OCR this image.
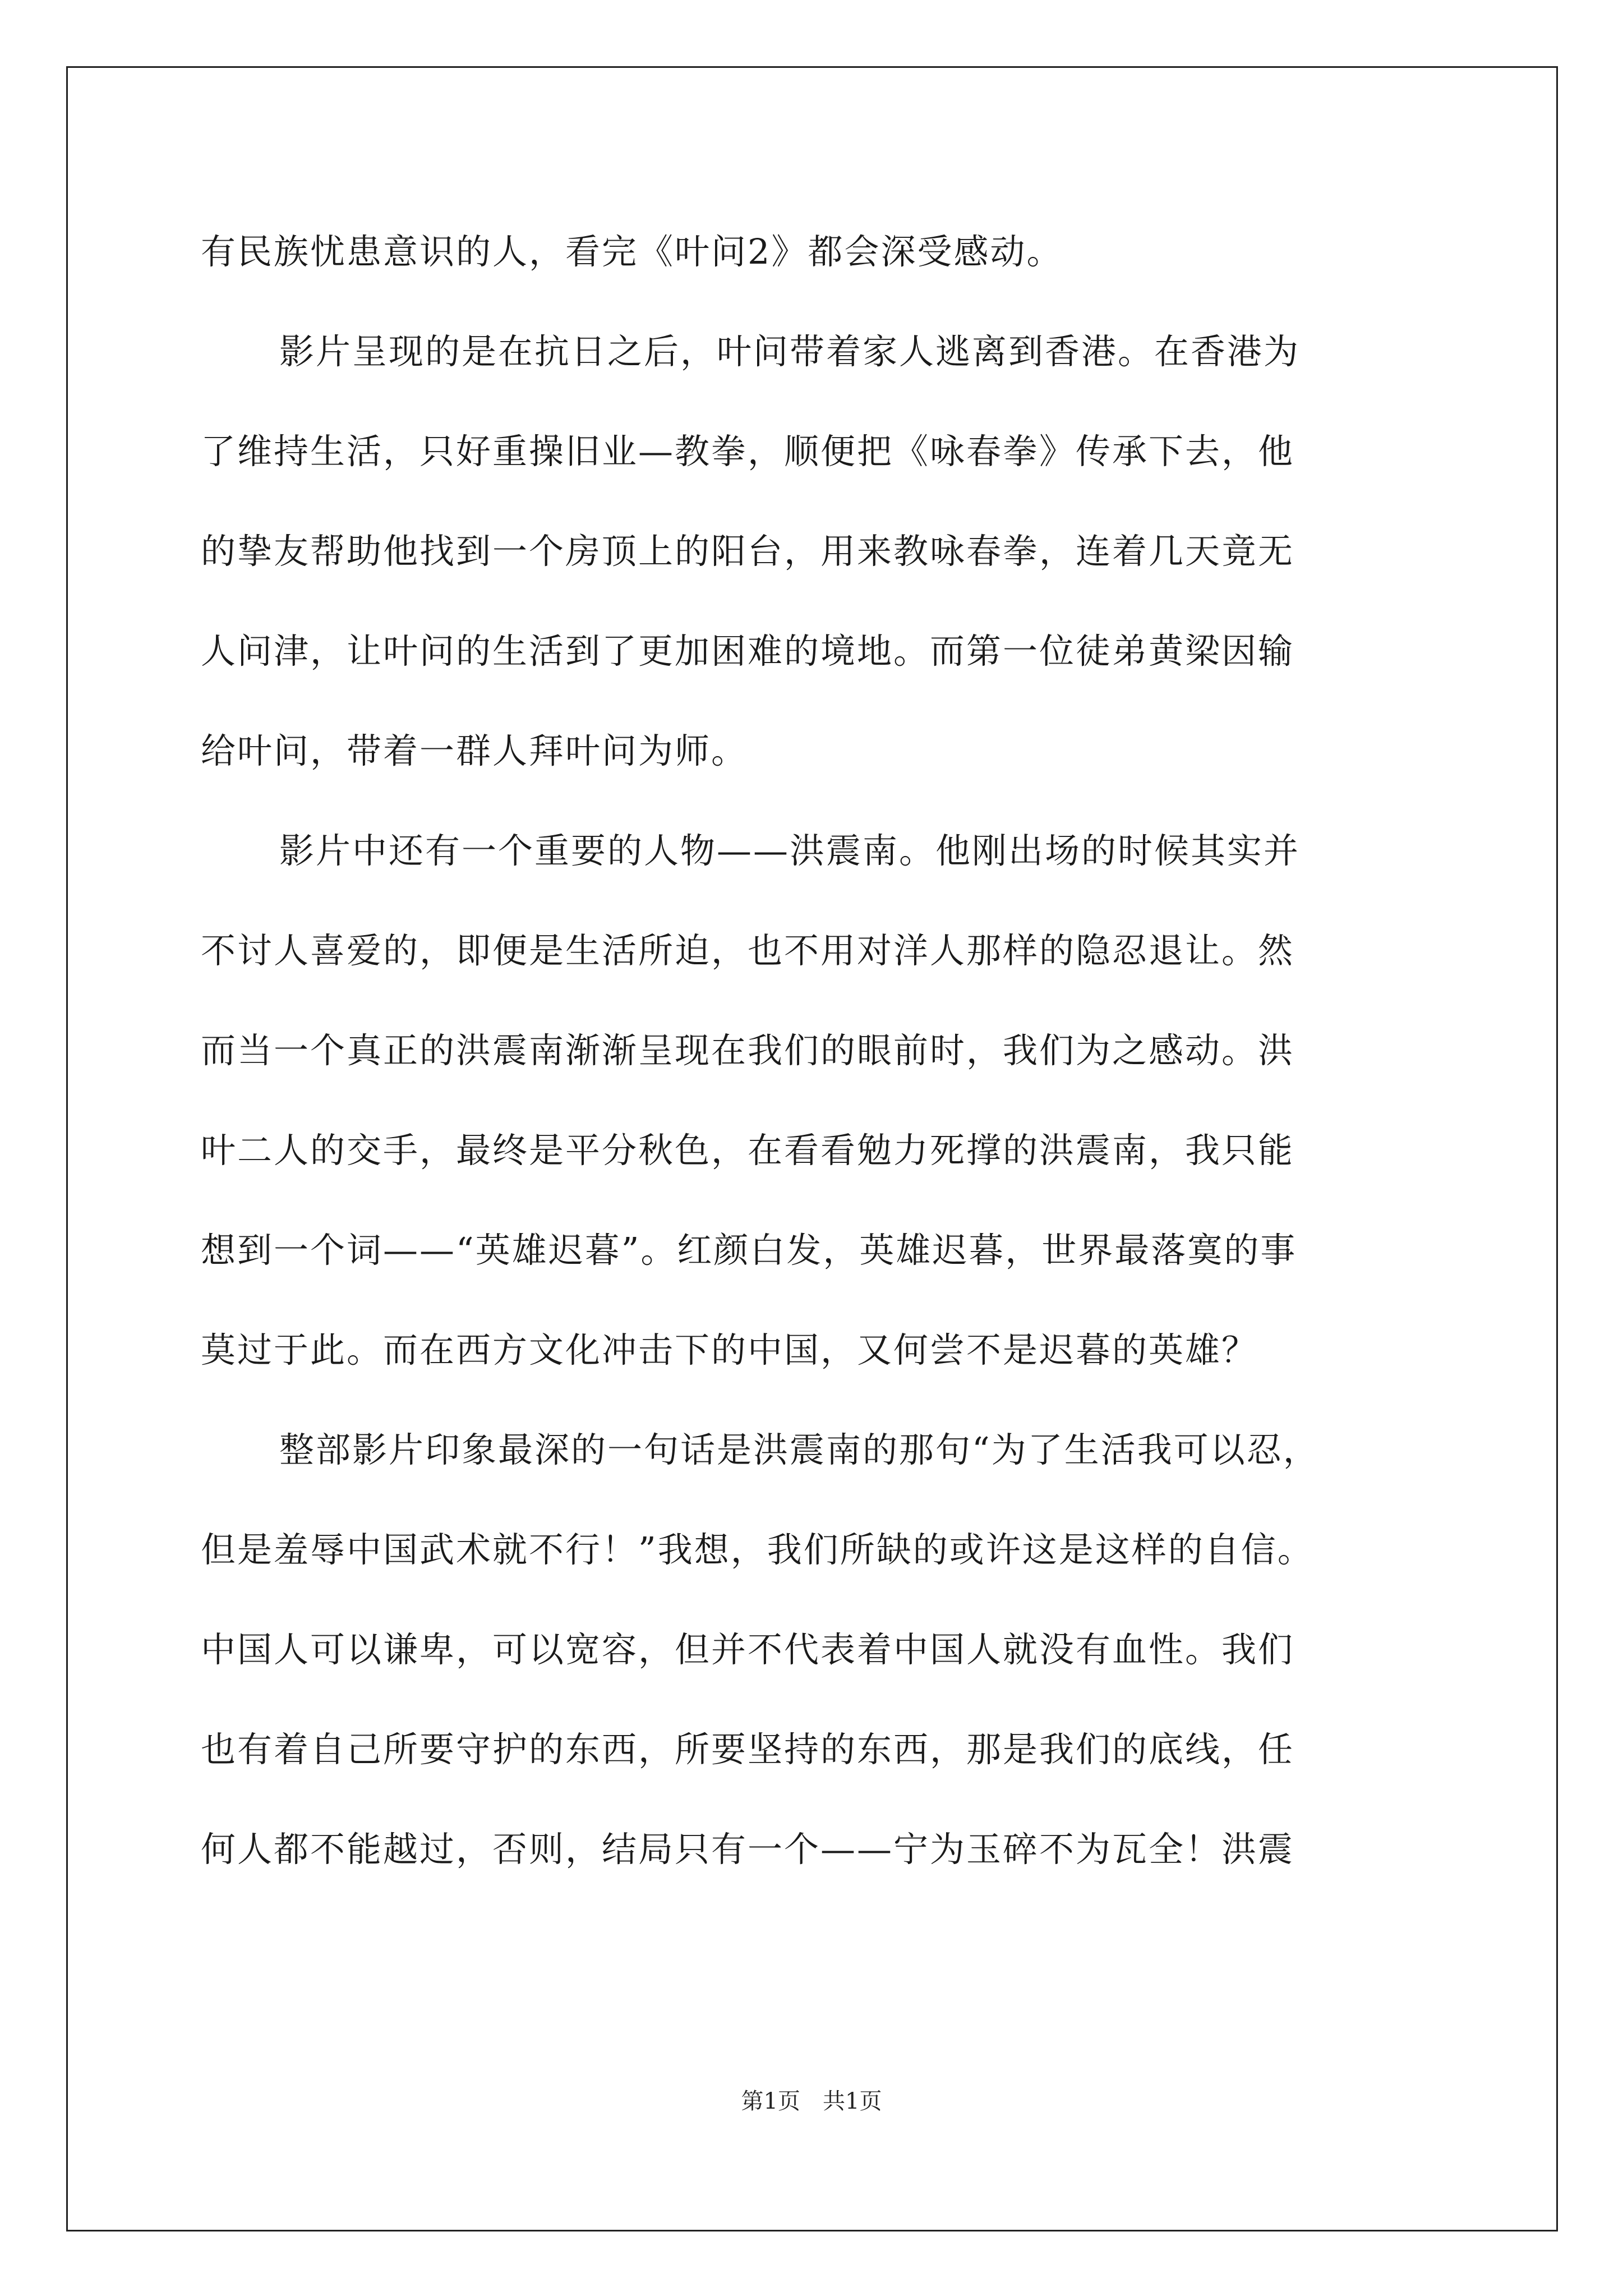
有民族忧患意识的人，看完《叶问2》都会深受感动。
影片呈现的是在抗日之后，叶问带着家人逃离到香港。在香港为
了维持生活，只好重操旧业—教拳，顺便把《咏春拳》传承下去，他
的挚友帮助他找到一个房顶上的阳台，用来教咏春拳，连着几天竟无
人问津，让叶问的生活到了更加困难的境地。而第一位徒弟黄梁因输
给叶问，带着一群人拜叶问为师。
影片中还有一个重要的人物——洪震南。他刚出场的时候其实并
不讨人喜爱的，即便是生活所迫，也不用对洋人那样的隐忍退让。然
而当一个真正的洪震南渐渐呈现在我们的眼前时，我们为之感动。洪
叶二人的交手，最终是平分秋色，在看看勉力死撑的洪震南，我只能
想到一个词——“英雄迟暮”。红颜白发，英雄迟暮，世界最落寞的事
莫过于此。而在西方文化冲击下的中国，又何尝不是迟暮的英雄？
整部影片印象最深的一句话是洪震南的那句“为了生活我可以忍，
但是羞辱中国武术就不行！”我想，我们所缺的或许这是这样的自信。
中国人可以谦卑，可以宽容，但并不代表着中国人就没有血性。我们
也有着自己所要守护的东西，所要坚持的东西，那是我们的底线，任
何人都不能越过，否则，结局只有一个——宁为玉碎不为瓦全！洪震
第1页 共1页
